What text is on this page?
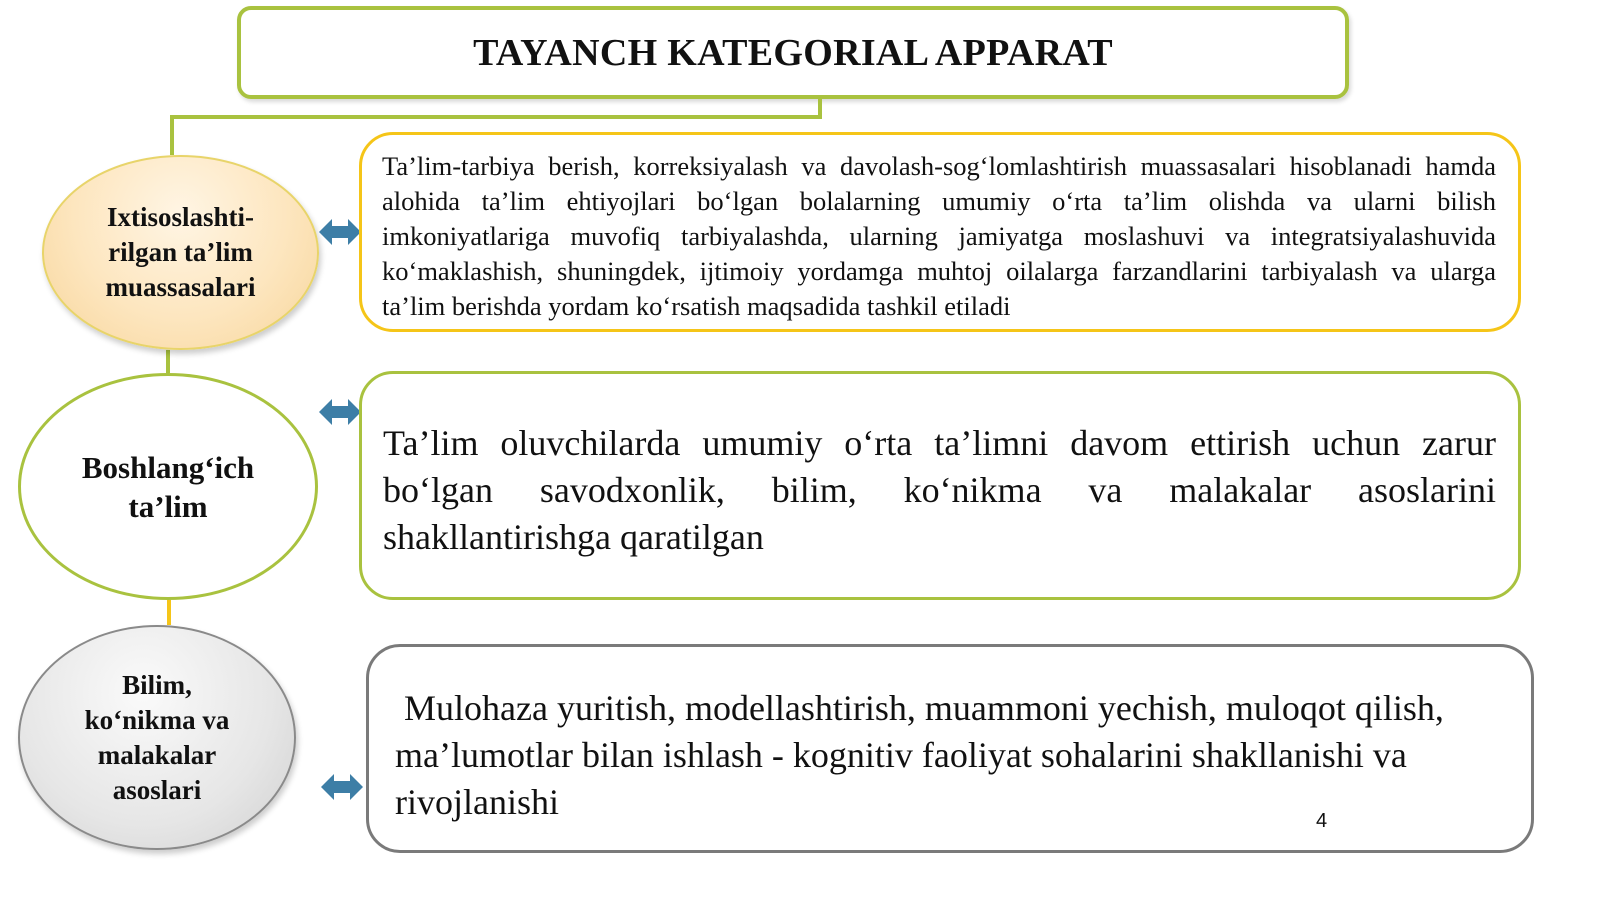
TAYANCH KATEGORIAL APPARAT
Ixtisoslashti-
rilgan ta’lim
muassasalari
Boshlang‘ich
ta’lim
Bilim,
ko‘nikma va
malakalar
asoslari
Ta’lim-tarbiya berish, korreksiyalash va davolash-sog‘lomlashtirish muassasalari hisoblanadi hamda alohida ta’lim ehtiyojlari bo‘lgan bolalarning umumiy o‘rta ta’lim olishda va ularni bilish imkoniyatlariga muvofiq tarbiyalashda, ularning jamiyatga moslashuvi va integratsiyalashuvida ko‘maklashish, shuningdek, ijtimoiy yordamga muhtoj oilalarga farzandlarini tarbiyalash va ularga ta’lim berishda yordam ko‘rsatish maqsadida tashkil etiladi
Ta’lim oluvchilarda umumiy o‘rta ta’limni davom ettirish uchun zarur bo‘lgan savodxonlik, bilim, ko‘nikma va malakalar asoslarini shakllantirishga qaratilgan
Mulohaza yuritish, modellashtirish, muammoni yechish, muloqot qilish,  ma’lumotlar bilan ishlash - kognitiv faoliyat sohalarini shakllanishi va rivojlanishi	4
